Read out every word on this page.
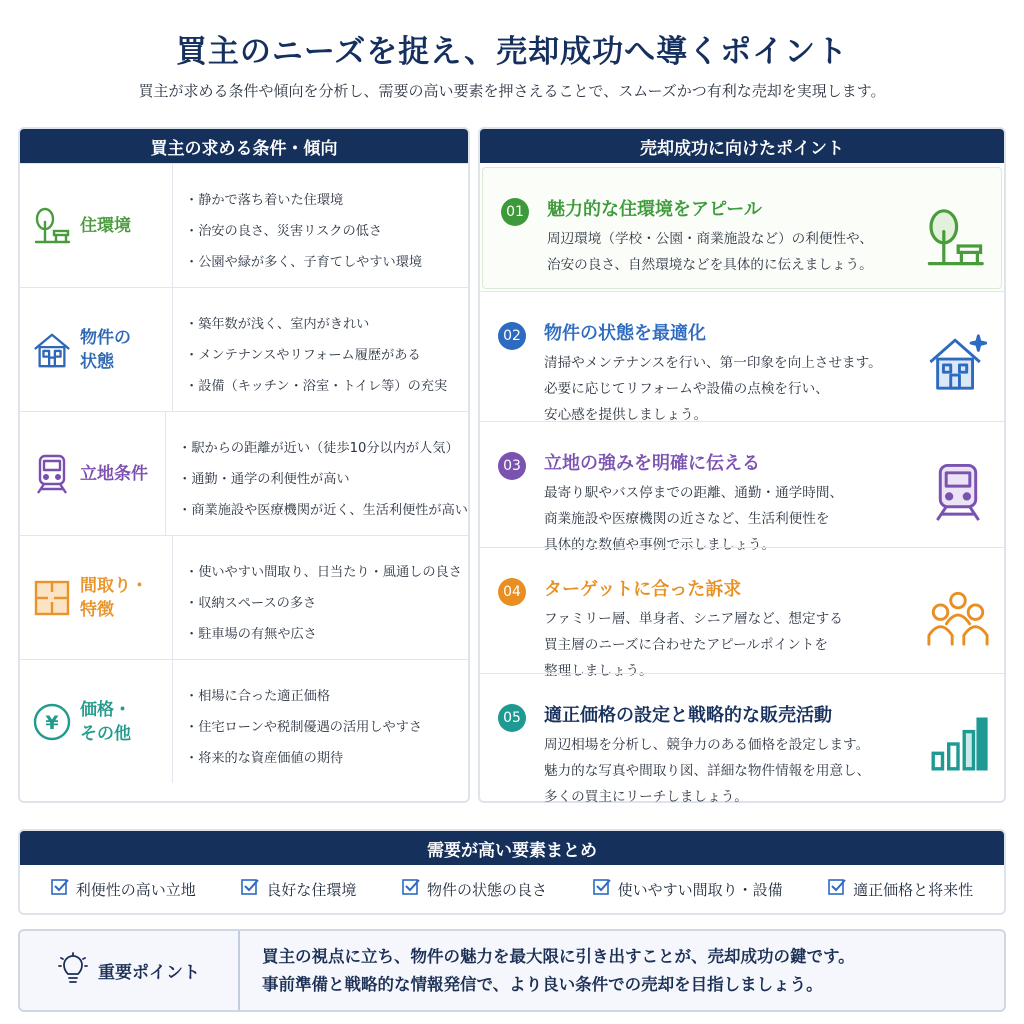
買主のニーズを捉え、売却成功へ導くポイント
買主が求める条件や傾向を分析し、需要の高い要素を押さえることで、スムーズかつ有利な売却を実現します。
買主の求める条件・傾向
住環境
・ 静かで落ち着いた住環境
・ 治安の良さ、災害リスクの低さ
・ 公園や緑が多く、子育てしやすい環境
物件の
状態
・ 築年数が浅く、室内がきれい
・ メンテナンスやリフォーム履歴がある
・ 設備（キッチン・浴室・トイレ等）の充実
立地条件
・ 駅からの距離が近い（徒歩10分以内が人気）
・ 通勤・通学の利便性が高い
・ 商業施設や医療機関が近く、生活利便性が高い
間取り・
特徴
・ 使いやすい間取り、日当たり・風通しの良さ
・ 収納スペースの多さ
・ 駐車場の有無や広さ
¥
価格・
その他
・ 相場に合った適正価格
・ 住宅ローンや税制優遇の活用しやすさ
・ 将来的な資産価値の期待
売却成功に向けたポイント
01 魅力的な住環境をアピール
周辺環境（学校・公園・商業施設など）の利便性や、
治安の良さ、自然環境などを具体的に伝えましょう。
02 物件の状態を最適化
清掃やメンテナンスを行い、第一印象を向上させます。
必要に応じてリフォームや設備の点検を行い、
安心感を提供しましょう。
03 立地の強みを明確に伝える
最寄り駅やバス停までの距離、通勤・通学時間、
商業施設や医療機関の近さなど、生活利便性を
具体的な数値や事例で示しましょう。
04 ターゲットに合った訴求
ファミリー層、単身者、シニア層など、想定する
買主層のニーズに合わせたアピールポイントを
整理しましょう。
05 適正価格の設定と戦略的な販売活動
周辺相場を分析し、競争力のある価格を設定します。
魅力的な写真や間取り図、詳細な物件情報を用意し、
多くの買主にリーチしましょう。
需要が高い要素まとめ
利便性の高い立地	良好な住環境	物件の状態の良さ	使いやすい間取り・設備	適正価格と将来性
重要ポイント
買主の視点に立ち、物件の魅力を最大限に引き出すことが、売却成功の鍵です。
事前準備と戦略的な情報発信で、より良い条件での売却を目指しましょう。
